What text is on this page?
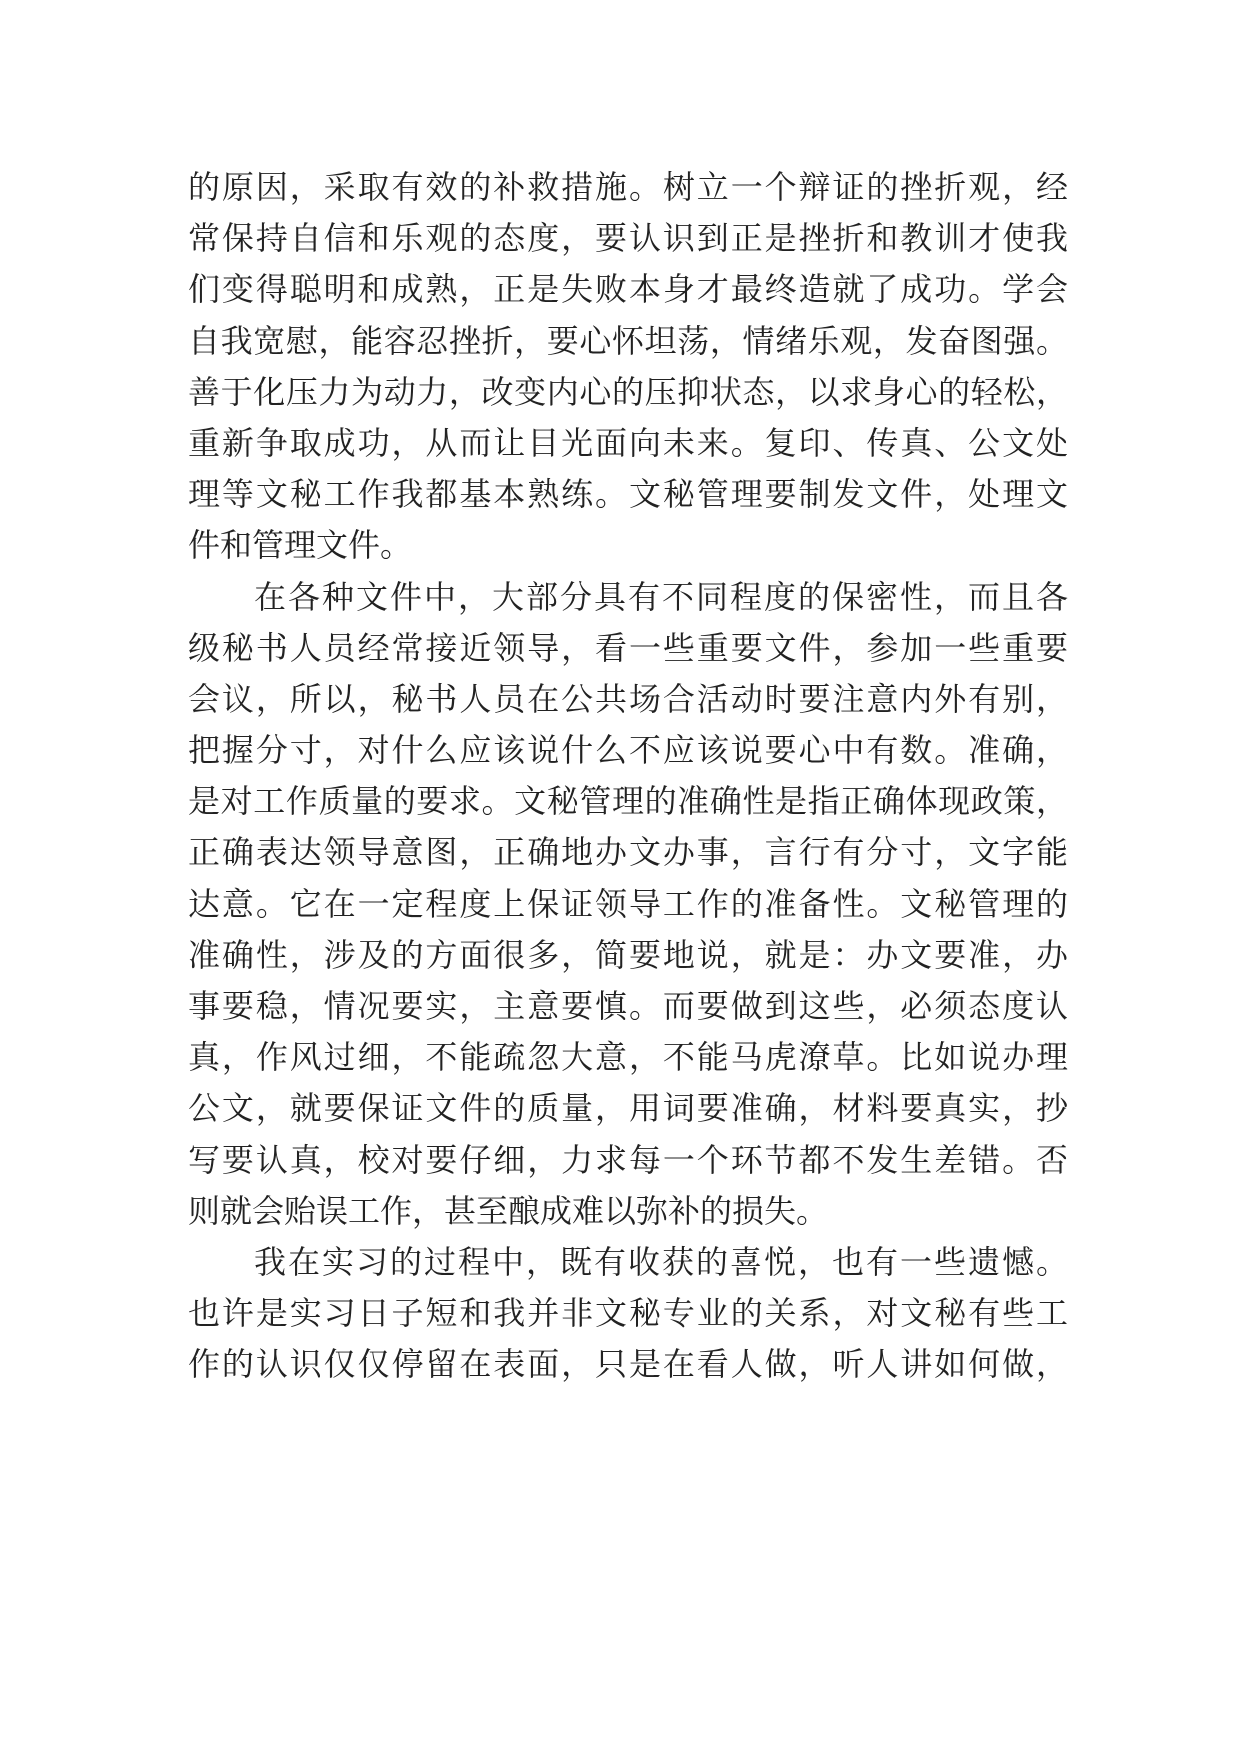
的原因，采取有效的补救措施。树立一个辩证的挫折观，经
常保持自信和乐观的态度，要认识到正是挫折和教训才使我
们变得聪明和成熟，正是失败本身才最终造就了成功。学会
自我宽慰，能容忍挫折，要心怀坦荡，情绪乐观，发奋图强。
善于化压力为动力，改变内心的压抑状态，以求身心的轻松，
重新争取成功，从而让目光面向未来。复印、传真、公文处
理等文秘工作我都基本熟练。文秘管理要制发文件，处理文
件和管理文件。
在各种文件中，大部分具有不同程度的保密性，而且各
级秘书人员经常接近领导，看一些重要文件，参加一些重要
会议，所以，秘书人员在公共场合活动时要注意内外有别，
把握分寸，对什么应该说什么不应该说要心中有数。准确，
是对工作质量的要求。文秘管理的准确性是指正确体现政策，
正确表达领导意图，正确地办文办事，言行有分寸，文字能
达意。它在一定程度上保证领导工作的准备性。文秘管理的
准确性，涉及的方面很多，简要地说，就是：办文要准，办
事要稳，情况要实，主意要慎。而要做到这些，必须态度认
真，作风过细，不能疏忽大意，不能马虎潦草。比如说办理
公文，就要保证文件的质量，用词要准确，材料要真实，抄
写要认真，校对要仔细，力求每一个环节都不发生差错。否
则就会贻误工作，甚至酿成难以弥补的损失。
我在实习的过程中，既有收获的喜悦，也有一些遗憾。
也许是实习日子短和我并非文秘专业的关系，对文秘有些工
作的认识仅仅停留在表面，只是在看人做，听人讲如何做，
